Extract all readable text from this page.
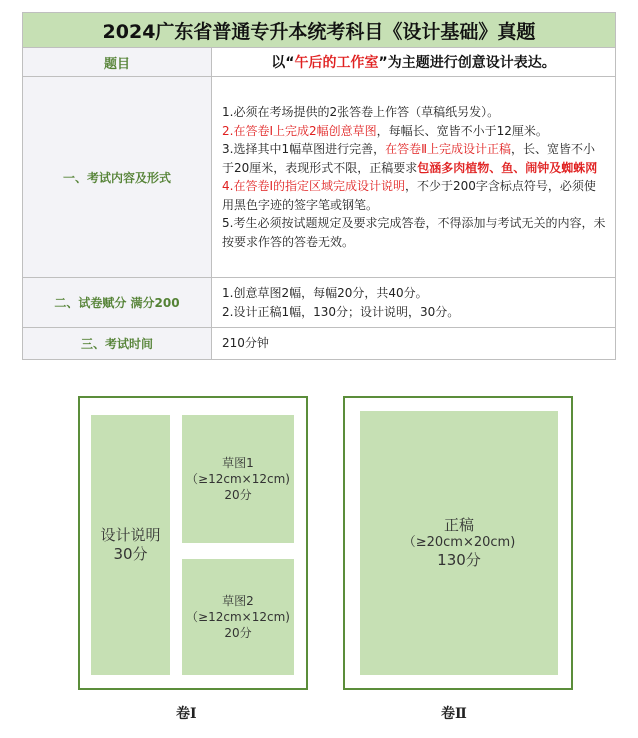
2024广东省普通专升本统考科目《设计基础》真题	
题目	以“午后的工作室”为主题进行创意设计表达。
一、考试内容及形式	1.必须在考场提供的2张答卷上作答（草稿纸另发）。

2.在答卷Ⅰ上完成2幅创意草图，每幅长、宽皆不小于12厘米。

3.选择其中1幅草图进行完善，在答卷Ⅱ上完成设计正稿，长、宽皆不小于20厘米，表现形式不限，正稿要求包涵多肉植物、鱼、闹钟及蜘蛛网

4.在答卷Ⅰ的指定区域完成设计说明，不少于200字含标点符号，必须使用黑色字迹的签字笔或钢笔。

5.考生必须按试题规定及要求完成答卷，不得添加与考试无关的内容，未按要求作答的答卷无效。

二、试卷赋分 满分200	1.创意草图2幅，每幅20分，共40分。

2.设计正稿1幅，130分；设计说明，30分。

三、考试时间	210分钟
设计说明
30分
草图1
（≥12cm×12cm)
20分
草图2
（≥12cm×12cm)
20分
卷Ⅰ
正稿
（≥20cm×20cm)
130分
卷Ⅱ
